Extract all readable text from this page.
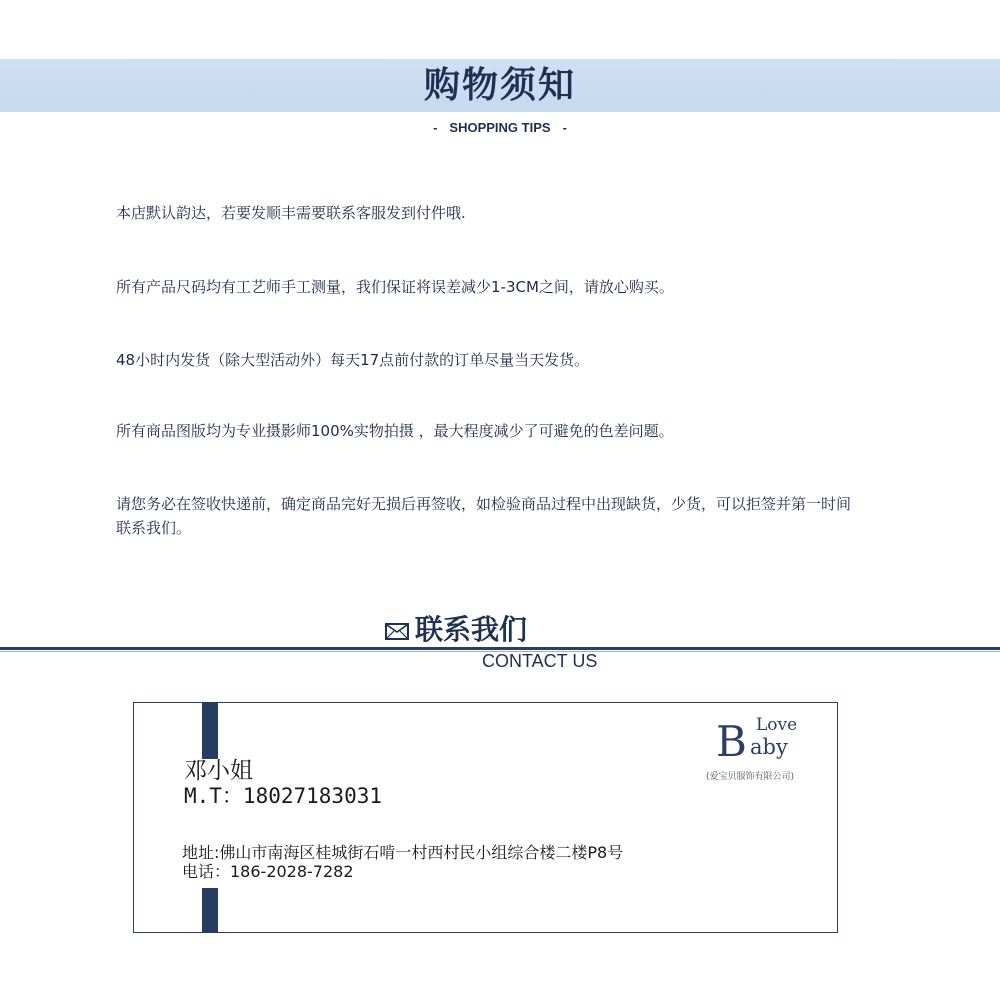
购物须知
- SHOPPING TIPS -
本店默认韵达，若要发顺丰需要联系客服发到付件哦.
所有产品尺码均有工艺师手工测量，我们保证将误差减少1-3CM之间，请放心购买。
48小时内发货（除大型活动外）每天17点前付款的订单尽量当天发货。
所有商品图版均为专业摄影师100%实物拍摄 ，最大程度减少了可避免的色差问题。
请您务必在签收快递前，确定商品完好无损后再签收，如检验商品过程中出现缺货，少货，可以拒签并第一时间联系我们。
联系我们
CONTACT US
邓小姐
M.T：18027183031
地址:佛山市南海区桂城街石啃一村西村民小组综合楼二楼P8号
电话：186-2028-7282
B Love
aby
(爱宝贝服饰有限公司)
